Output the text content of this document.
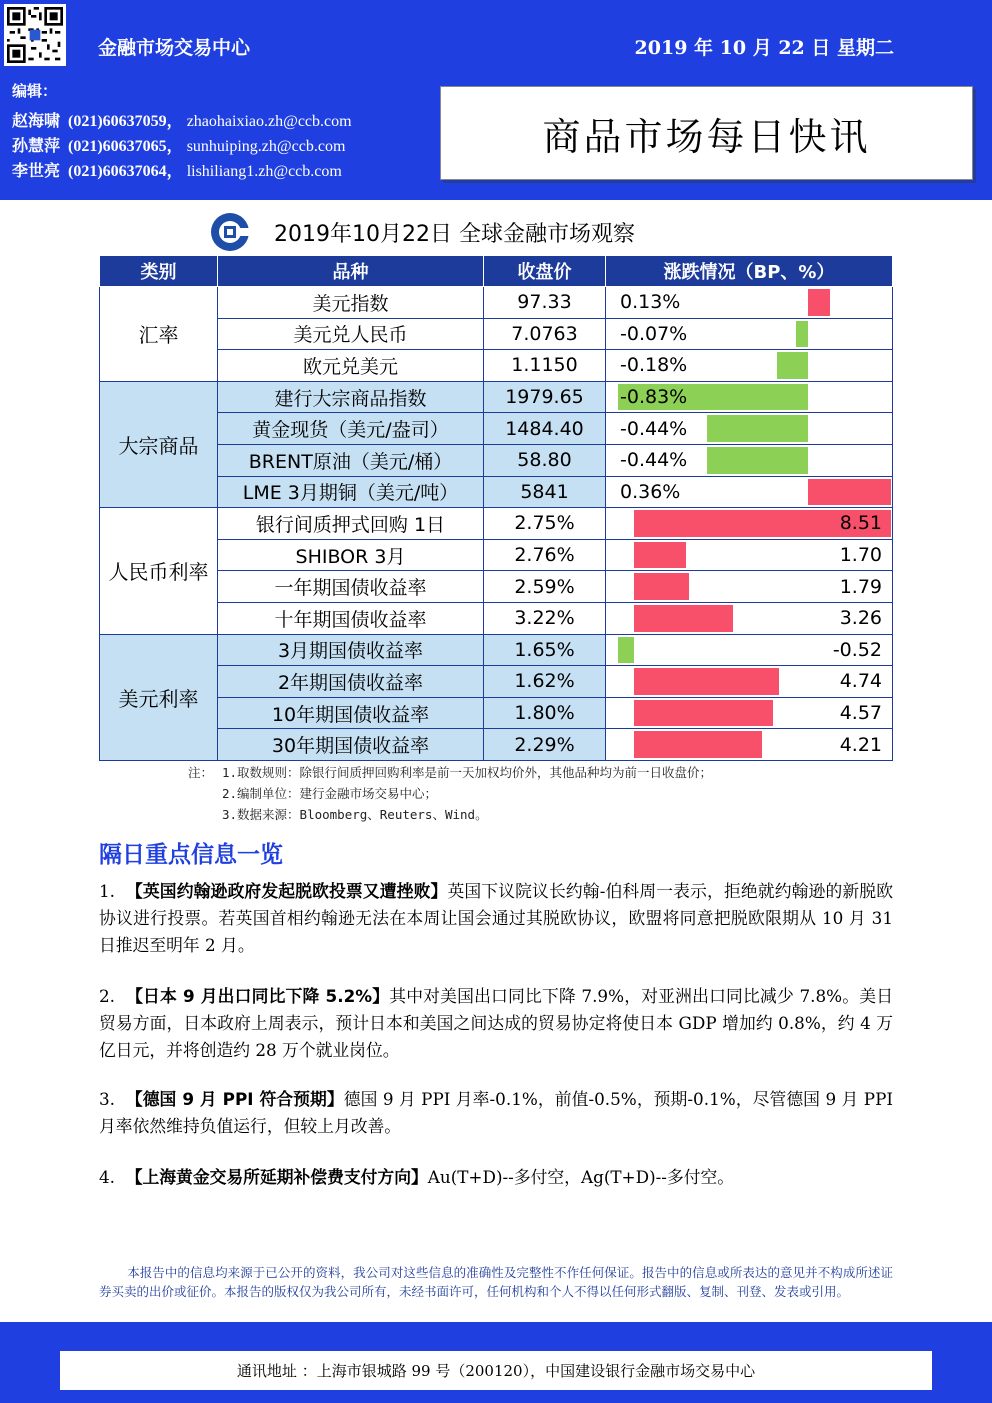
金融市场交易中心	2019 年 10 月 22 日 星期二
编辑：
赵海啸 (021)60637059， zhaohaixiao.zh@ccb.com
孙慧萍 (021)60637065， sunhuiping.zh@ccb.com
李世亮 (021)60637064， lishiliang1.zh@ccb.com
商品市场每日快讯
2019年10月22日 全球金融市场观察
类别	品种	收盘价	涨跌情况（BP、%）
汇率	美元指数	97.33	0.13%

	美元兑人民币	7.0763	-0.07%

	欧元兑美元	1.1150	-0.18%

大宗商品	建行大宗商品指数	1979.65	-0.83%

	黄金现货（美元/盎司）	1484.40	-0.44%

	BRENT原油（美元/桶）	58.80	-0.44%

	LME 3月期铜（美元/吨）	5841	0.36%

人民币利率	银行间质押式回购 1日	2.75%	8.51

	SHIBOR 3月	2.76%	1.70

	一年期国债收益率	2.59%	1.79

	十年期国债收益率	3.22%	3.26

美元利率	3月期国债收益率	1.65%	-0.52

	2年期国债收益率	1.62%	4.74

	10年期国债收益率	1.80%	4.57

	30年期国债收益率	2.29%	4.21
注： 1.取数规则：除银行间质押回购利率是前一天加权均价外，其他品种均为前一日收盘价；
2.编制单位：建行金融市场交易中心；
3.数据来源：Bloomberg、Reuters、Wind。
隔日重点信息一览
1. 【英国约翰逊政府发起脱欧投票又遭挫败】英国下议院议长约翰-伯科周一表示，拒绝就约翰逊的新脱欧协议进行投票。若英国首相约翰逊无法在本周让国会通过其脱欧协议，欧盟将同意把脱欧限期从 10 月 31 日推迟至明年 2 月。
2. 【日本 9 月出口同比下降 5.2%】其中对美国出口同比下降 7.9%，对亚洲出口同比减少 7.8%。美日贸易方面，日本政府上周表示，预计日本和美国之间达成的贸易协定将使日本 GDP 增加约 0.8%，约 4 万亿日元，并将创造约 28 万个就业岗位。
3. 【德国 9 月 PPI 符合预期】德国 9 月 PPI 月率-0.1%，前值-0.5%，预期-0.1%，尽管德国 9 月 PPI 月率依然维持负值运行，但较上月改善。
4. 【上海黄金交易所延期补偿费支付方向】Au(T+D)--多付空，Ag(T+D)--多付空。
本报告中的信息均来源于已公开的资料，我公司对这些信息的准确性及完整性不作任何保证。报告中的信息或所表达的意见并不构成所述证券买卖的出价或征价。本报告的版权仅为我公司所有，未经书面许可，任何机构和个人不得以任何形式翻版、复制、刊登、发表或引用。
通讯地址 ：上海市银城路 99 号（200120），中国建设银行金融市场交易中心
